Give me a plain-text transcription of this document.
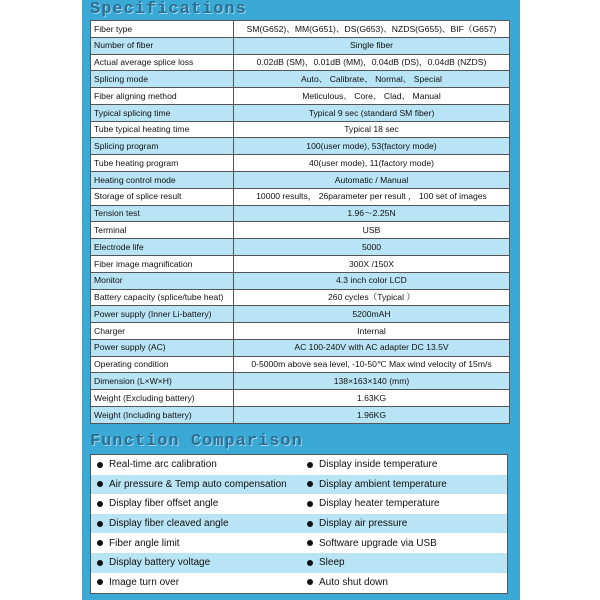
Specifications
Fiber type	SM(G652)、MM(G651)、DS(G653)、NZDS(G655)、BIF（G657)
Number of fiber	Single fiber
Actual average splice loss	0.02dB (SM)，0.01dB (MM)，0.04dB (DS)，0.04dB (NZDS)
Splicing mode	Auto、 Calibrate、 Normal、 Special
Fiber aligning method	Meticulous、 Core、 Clad、 Manual
Typical splicing time	Typical 9 sec (standard SM fiber)
Tube typical heating time	Typical 18 sec
Splicing program	100(user mode), 53(factory mode)
Tube heating program	40(user mode), 11(factory mode)
Heating control mode	Automatic / Manual
Storage of splice result	10000 results， 26parameter per result ， 100 set of images
Tension test	1.96～2.25N
Terminal	USB
Electrode life	5000
Fiber image magnification	300X /150X
Monitor	4.3 inch color LCD
Battery capacity (splice/tube heat)	260 cycles（Typical ）
Power supply (Inner Li-battery)	5200mAH
Charger	Internal
Power supply (AC)	AC 100-240V with AC adapter DC 13.5V
Operating condition	0-5000m above sea level, -10-50℃ Max wind velocity of 15m/s
Dimension (L×W×H)	138×163×140 (mm)
Weight (Excluding battery)	1.63KG
Weight (Including battery)	1.96KG
Function Comparison
Real-time arc calibration	Display inside temperature
Air pressure & Temp auto compensation	Display ambient temperature
Display fiber offset angle	Display heater temperature
Display fiber cleaved angle	Display air pressure
Fiber angle limit	Software upgrade via USB
Display battery voltage	Sleep
Image turn over	Auto shut down
